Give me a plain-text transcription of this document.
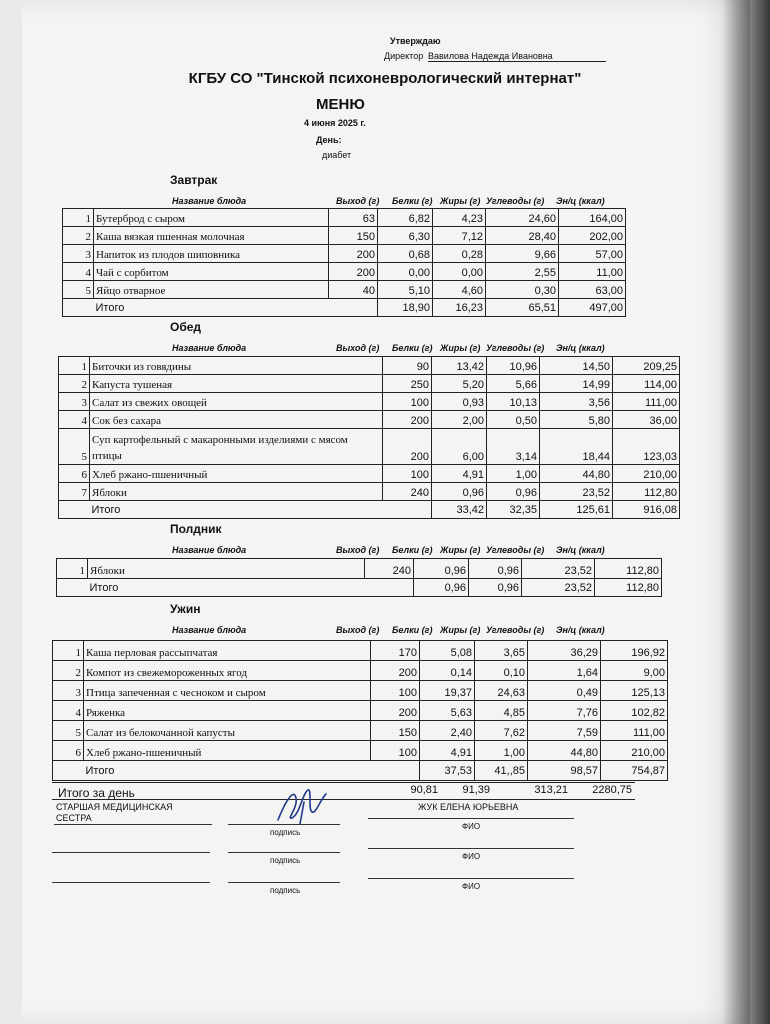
Утверждаю
Директор Вавилова Надежда Ивановна
КГБУ СО "Тинской психоневрологический интернат"
МЕНЮ
4 июня 2025 г.
День:
диабет
Завтрак
Название блюда	Выход (г) Белки (г) Жиры (г) Углеводы (г) Эн/ц (ккал)
1	Бутерброд с сыром	63	6,82	4,23	24,60	164,00
2	Каша вязкая пшенная молочная	150	6,30	7,12	28,40	202,00
3	Напиток из плодов шиповника	200	0,68	0,28	9,66	57,00
4	Чай с сорбитом	200	0,00	0,00	2,55	11,00
5	Яйцо отварное	40	5,10	4,60	0,30	63,00
	Итого		18,90	16,23	65,51	497,00
Обед
Название блюда	Выход (г) Белки (г) Жиры (г) Углеводы (г) Эн/ц (ккал)
1	Биточки из говядины	90	13,42	10,96	14,50	209,25
2	Капуста тушеная	250	5,20	5,66	14,99	114,00
3	Салат из свежих овощей	100	0,93	10,13	3,56	111,00
4	Сок без сахара	200	2,00	0,50	5,80	36,00
5	Суп картофельный с макаронными изделиями с мясом птицы	200	6,00	3,14	18,44	123,03
6	Хлеб ржано-пшеничный	100	4,91	1,00	44,80	210,00
7	Яблоки	240	0,96	0,96	23,52	112,80
	Итого		33,42	32,35	125,61	916,08
Полдник
Название блюда	Выход (г) Белки (г) Жиры (г) Углеводы (г) Эн/ц (ккал)
1	Яблоки	240	0,96	0,96	23,52	112,80
	Итого		0,96	0,96	23,52	112,80
Ужин
Название блюда	Выход (г) Белки (г) Жиры (г) Углеводы (г) Эн/ц (ккал)
1	Каша перловая рассыпчатая	170	5,08	3,65	36,29	196,92
2	Компот из свежемороженных ягод	200	0,14	0,10	1,64	9,00
3	Птица запеченная с чесноком и сыром	100	19,37	24,63	0,49	125,13
4	Ряженка	200	5,63	4,85	7,76	102,82
5	Салат из белокочанной капусты	150	2,40	7,62	7,59	111,00
6	Хлеб ржано-пшеничный	100	4,91	1,00	44,80	210,00
	Итого		37,53	41,,85	98,57	754,87
Итого за день	90,81	91,39	313,21	2280,75
СТАРШАЯ МЕДИЦИНСКАЯ СЕСТРА
подпись
ЖУК ЕЛЕНА ЮРЬЕВНА
ФИО
подпись	ФИО
подпись	ФИО
